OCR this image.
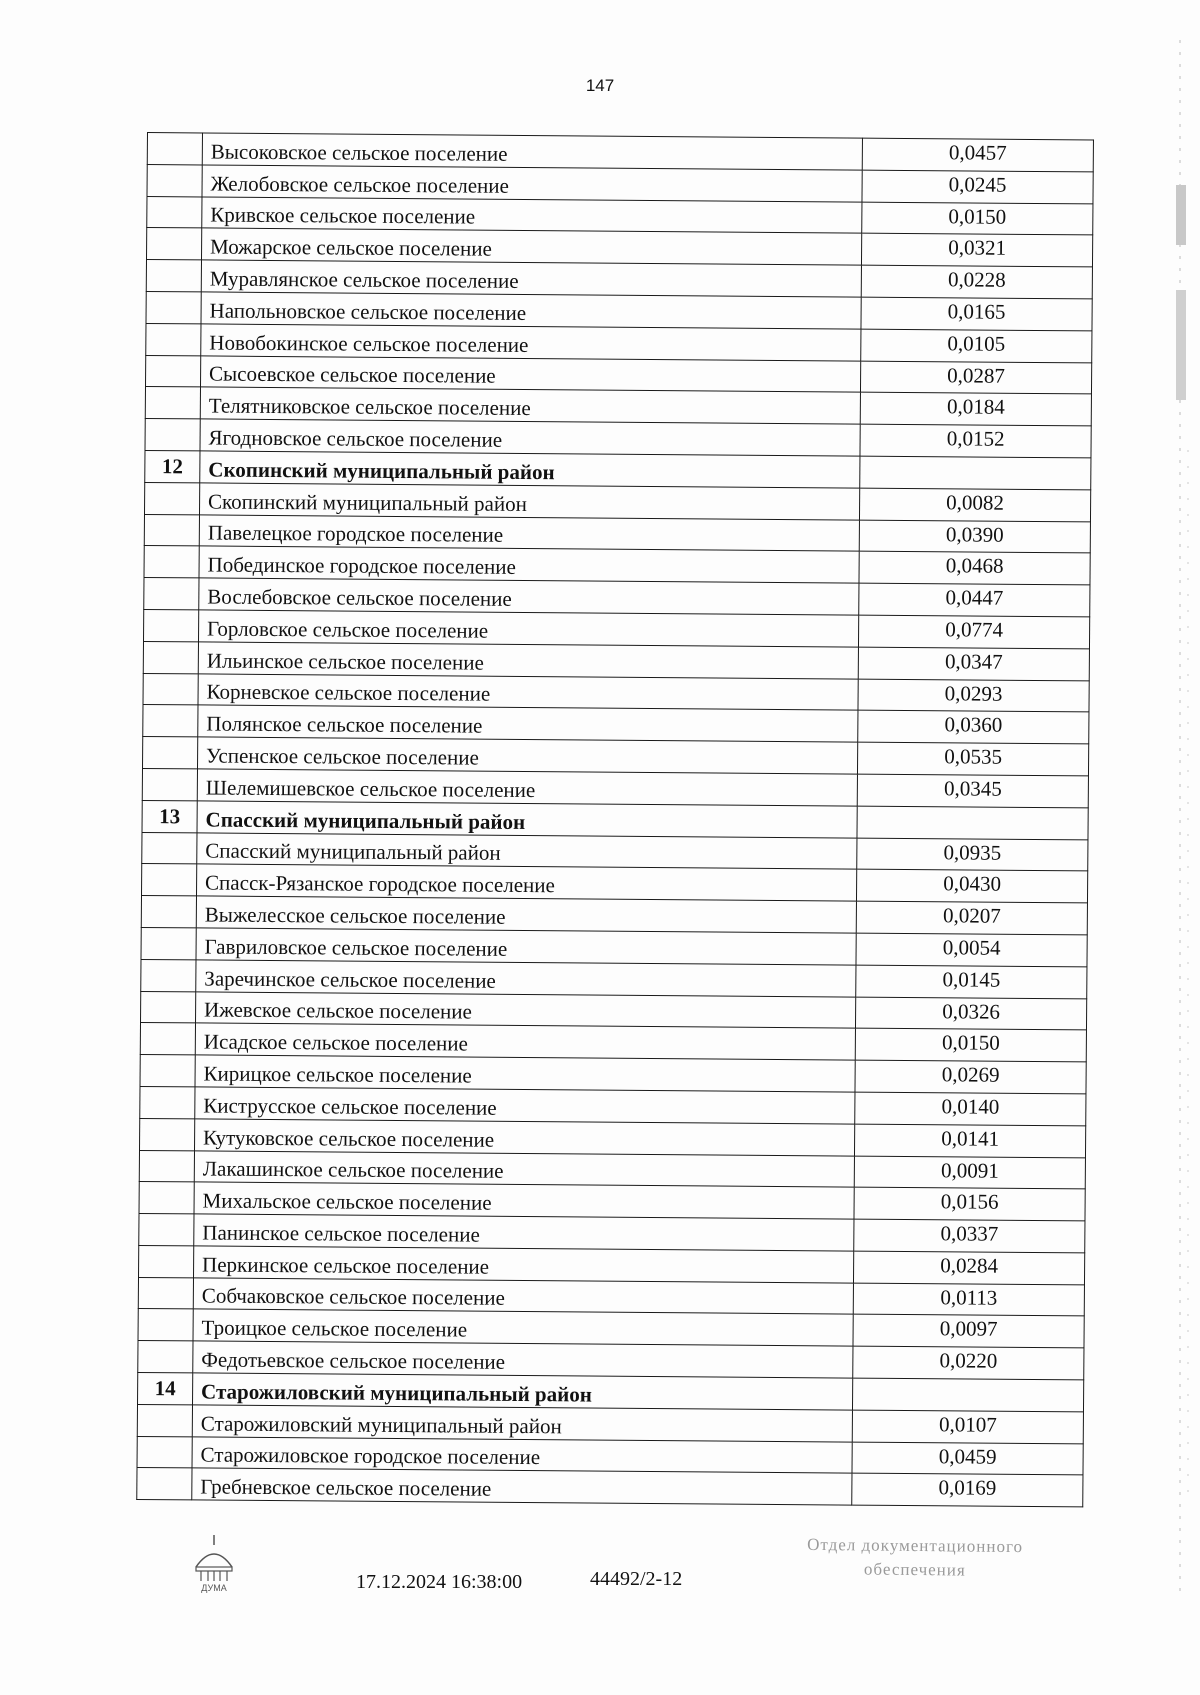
147
	Высоковское сельское поселение	0,0457
	Желобовское сельское поселение	0,0245
	Кривское сельское поселение	0,0150
	Можарское сельское поселение	0,0321
	Муравлянское сельское поселение	0,0228
	Напольновское сельское поселение	0,0165
	Новобокинское сельское поселение	0,0105
	Сысоевское сельское поселение	0,0287
	Телятниковское сельское поселение	0,0184
	Ягодновское сельское поселение	0,0152
12	Скопинский муниципальный район	
	Скопинский муниципальный район	0,0082
	Павелецкое городское поселение	0,0390
	Побединское городское поселение	0,0468
	Вослебовское сельское поселение	0,0447
	Горловское сельское поселение	0,0774
	Ильинское сельское поселение	0,0347
	Корневское сельское поселение	0,0293
	Полянское сельское поселение	0,0360
	Успенское сельское поселение	0,0535
	Шелемишевское сельское поселение	0,0345
13	Спасский муниципальный район	
	Спасский муниципальный район	0,0935
	Спасск-Рязанское городское поселение	0,0430
	Выжелесское сельское поселение	0,0207
	Гавриловское сельское поселение	0,0054
	Заречинское сельское поселение	0,0145
	Ижевское сельское поселение	0,0326
	Исадское сельское поселение	0,0150
	Кирицкое сельское поселение	0,0269
	Киструсское сельское поселение	0,0140
	Кутуковское сельское поселение	0,0141
	Лакашинское сельское поселение	0,0091
	Михальское сельское поселение	0,0156
	Панинское сельское поселение	0,0337
	Перкинское сельское поселение	0,0284
	Собчаковское сельское поселение	0,0113
	Троицкое сельское поселение	0,0097
	Федотьевское сельское поселение	0,0220
14	Старожиловский муниципальный район	
	Старожиловский муниципальный район	0,0107
	Старожиловское городское поселение	0,0459
	Гребневское сельское поселение	0,0169
ДУМА	17.12.2024 16:38:00	44492/2-12
Отдел документационного
обеспечения
